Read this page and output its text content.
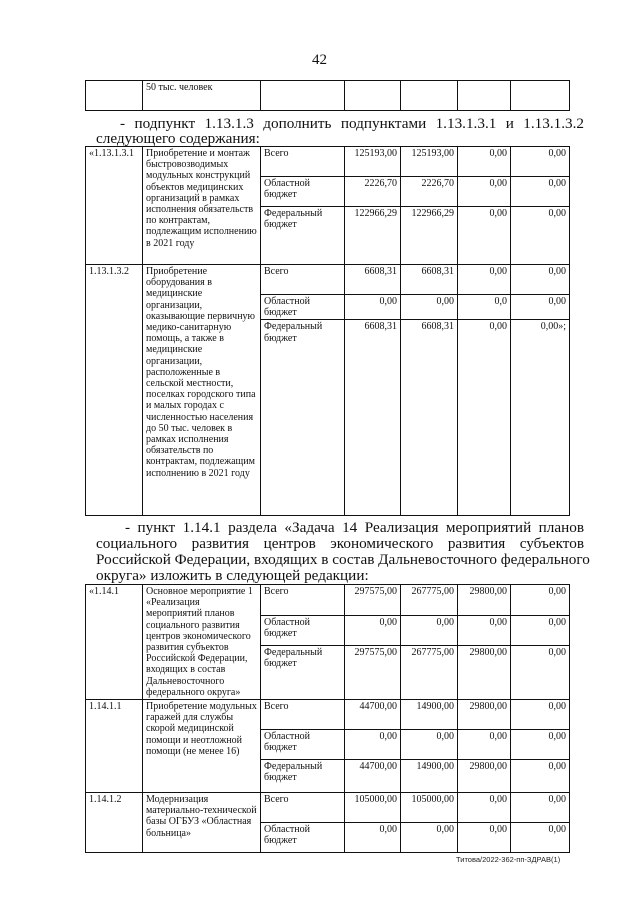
42
	50 тыс. человек					
- подпункт 1.13.1.3 дополнить подпунктами 1.13.1.3.1 и 1.13.1.3.2
следующего содержания:
«1.13.1.3.1	Приобретение и монтаж быстровозводимых модульных конструкций объектов медицинских организаций в рамках исполнения обязательств по контрактам, подлежащим исполнению в 2021 году	Всего	125193,00	125193,00	0,00	0,00
		Областной бюджет	2226,70	2226,70	0,00	0,00
		Федеральный бюджет	122966,29	122966,29	0,00	0,00
1.13.1.3.2	Приобретение оборудования в медицинские организации, оказывающие первичную медико-санитарную помощь, а также в медицинские организации, расположенные в сельской местности, поселках городского типа и малых городах с численностью населения до 50 тыс. человек в рамках исполнения обязательств по контрактам, подлежащим исполнению в 2021 году	Всего	6608,31	6608,31	0,00	0,00
		Областной бюджет	0,00	0,00	0,0	0,00
		Федеральный бюджет	6608,31	6608,31	0,00	0,00»;
- пункт 1.14.1 раздела «Задача 14 Реализация мероприятий планов
социального развития центров экономического развития субъектов
Российской Федерации, входящих в состав Дальневосточного федерального
округа» изложить в следующей редакции:
«1.14.1	Основное мероприятие 1 «Реализация мероприятий планов социального развития центров экономического развития субъектов Российской Федерации, входящих в состав Дальневосточного федерального округа»	Всего	297575,00	267775,00	29800,00	0,00
		Областной бюджет	0,00	0,00	0,00	0,00
		Федеральный бюджет	297575,00	267775,00	29800,00	0,00
1.14.1.1	Приобретение модульных гаражей для службы скорой медицинской помощи и неотложной помощи (не менее 16)	Всего	44700,00	14900,00	29800,00	0,00
		Областной бюджет	0,00	0,00	0,00	0,00
		Федеральный бюджет	44700,00	14900,00	29800,00	0,00
1.14.1.2	Модернизация материально-технической базы ОГБУЗ «Областная больница»	Всего	105000,00	105000,00	0,00	0,00
		Областной бюджет	0,00	0,00	0,00	0,00
Титова/2022-362-пп-ЗДРАВ(1)
